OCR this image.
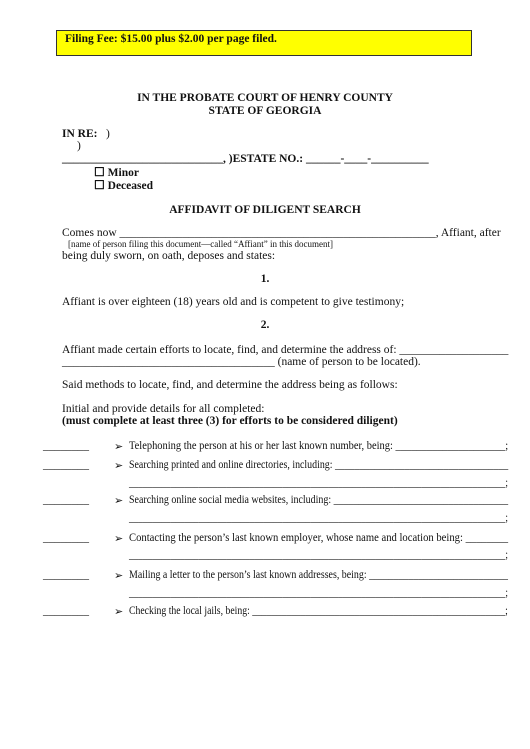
Filing Fee: $15.00 plus $2.00 per page filed.
IN THE PROBATE COURT OF HENRY COUNTY
STATE OF GEORGIA
IN RE: )
)
____________________________, )ESTATE NO.: ______-____-__________
☐ Minor
☐ Deceased
AFFIDAVIT OF DILIGENT SEARCH
Comes now _______________________________________________________, Affiant, after
[name of person filing this document—called “Affiant” in this document]
being duly sworn, on oath, deposes and states:
1.
Affiant is over eighteen (18) years old and is competent to give testimony;
2.
Affiant made certain efforts to locate, find, and determine the address of: ___________________
_____________________________________ (name of person to be located).
Said methods to locate, find, and determine the address being as follows:
Initial and provide details for all completed:
(must complete at least three (3) for efforts to be considered diligent)
________ ➢ Telephoning the person at his or her last known number, being: _____________________;
________ ➢ Searching printed and online directories, including: ___________________________________
_________________________________________________________________________________;
________ ➢ Searching online social media websites, including: ___________________________________
_________________________________________________________________________________;
________ ➢ Contacting the person’s last known employer, whose name and location being: ________
_________________________________________________________________________________;
________ ➢ Mailing a letter to the person’s last known addresses, being: ____________________________
_________________________________________________________________________________;
________ ➢ Checking the local jails, being: ____________________________________________________;
